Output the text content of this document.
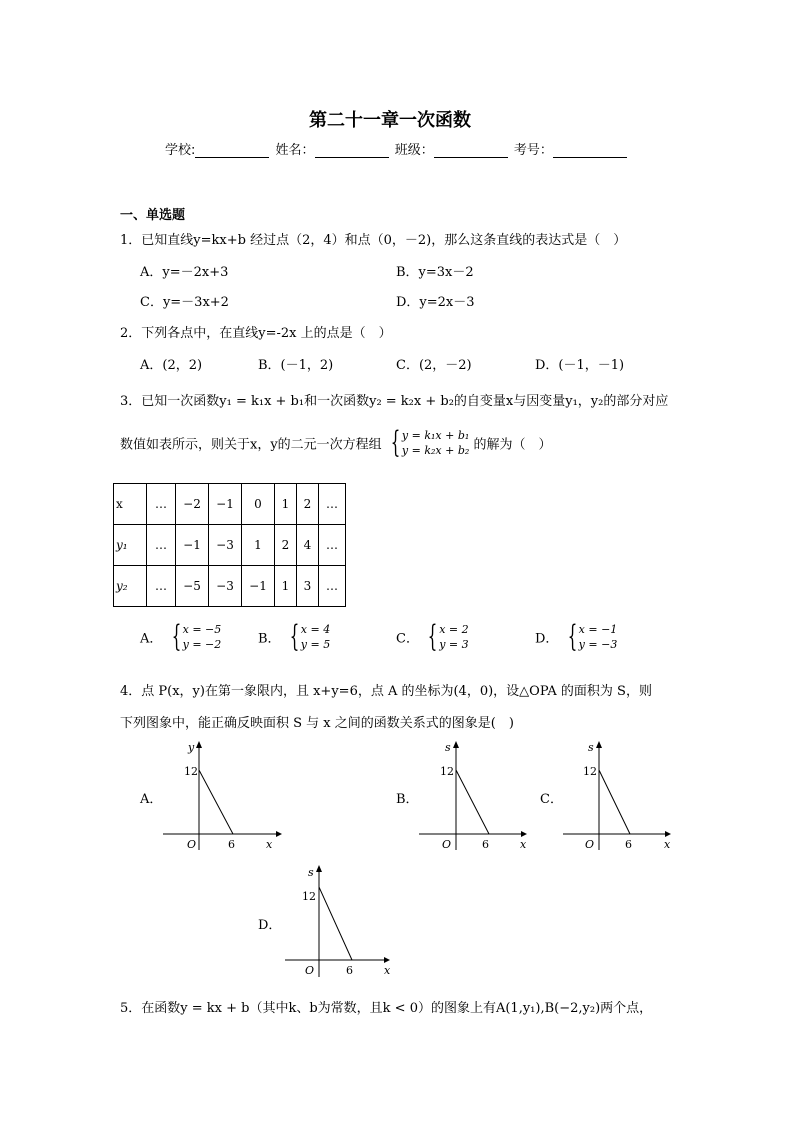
第二十一章一次函数
学校:	姓名：	班级：	考号：
一、单选题
1．已知直线y=kx+b 经过点（2，4）和点（0，－2)，那么这条直线的表达式是（　）
A．y=－2x+3	B．y=3x－2
C．y=－3x+2	D．y=2x－3
2．下列各点中，在直线y=-2x 上的点是（　）
A．(2，2)	B．(－1，2)	C．(2，－2)	D．(－1，－1)
3．已知一次函数y₁ = k₁x + b₁和一次函数y₂ = k₂x + b₂的自变量x与因变量y₁，y₂的部分对应
数值如表所示，则关于x，y的二元一次方程组 { y = k₁x + b₁
y = k₂x + b₂ 的解为（　）
x	…	−2	−1	0	1	2	…
y₁	…	−1	−3	1	2	4	…
y₂	…	−5	−3	−1	1	3	…
A． { x = −5
y = −2	B． { x = 4
y = 5	C． { x = 2
y = 3	D． { x = −1
y = −3
4．点 P(x，y)在第一象限内，且 x+y=6，点 A 的坐标为(4，0)，设△OPA 的面积为 S，则
下列图象中，能正确反映面积 S 与 x 之间的函数关系式的图象是(　)
A．
y
x
O
12
6
B．
s
x
O
12
6
C．
s
x
O
12
6
D．
s
x
O
12
6
5．在函数y = kx + b（其中k、b为常数，且k < 0）的图象上有A(1,y₁),B(−2,y₂)两个点，
